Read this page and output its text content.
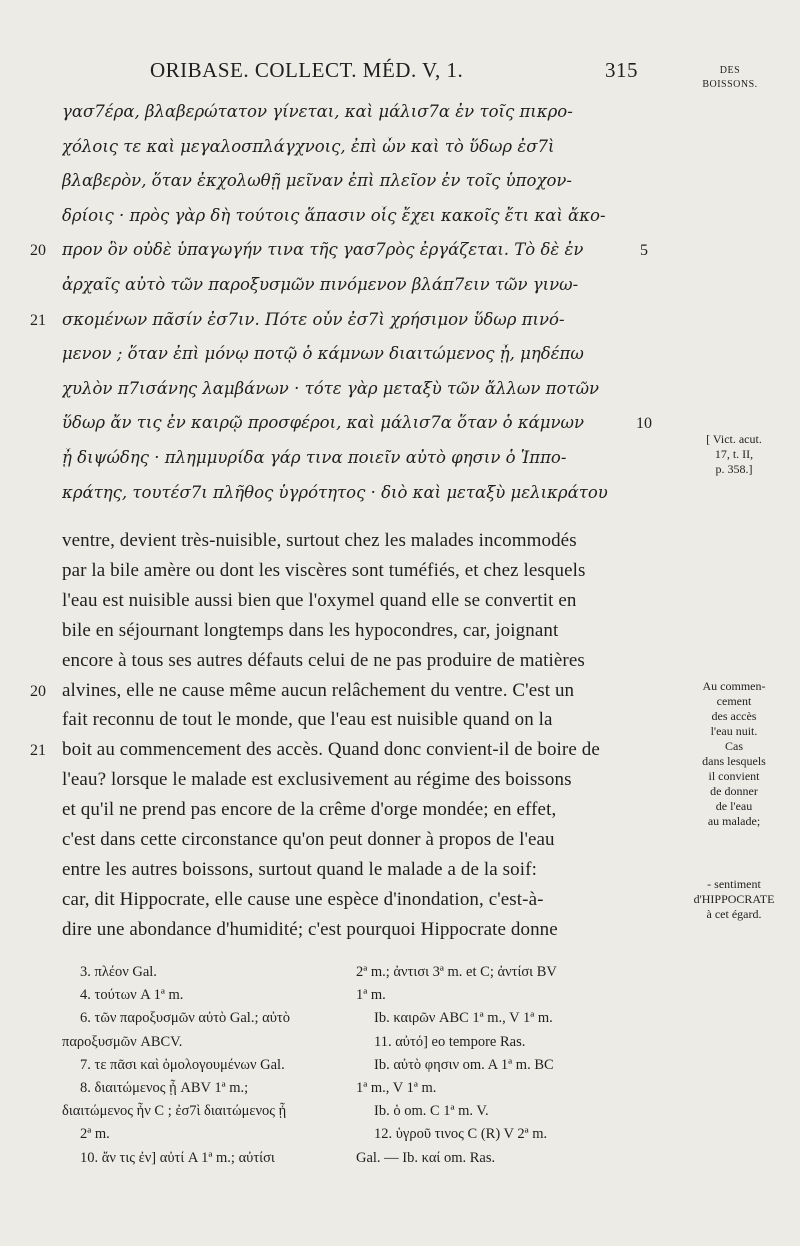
ORIBASE. COLLECT. MÉD. V, 1.	315	DES
BOISSONS.
γασ7έρα, βλαβερώτατον γίνεται, καὶ μάλισ7α ἐν τοῖς πικρο-
χόλοις τε καὶ μεγαλοσπλάγχνοις, ἐπὶ ὧν καὶ τὸ ὕδωρ ἐσ7ὶ
βλαβερὸν, ὅταν ἐκχολωθῇ μεῖναν ἐπὶ πλεῖον ἐν τοῖς ὑποχον-
δρίοις · πρὸς γὰρ δὴ τούτοις ἅπασιν οἷς ἔχει κακοῖς ἔτι καὶ ἄκο-
προν ὃν οὐδὲ ὑπαγωγήν τινα τῆς γασ7ρὸς ἐργάζεται. Τὸ δὲ ἐν
ἀρχαῖς αὐτὸ τῶν παροξυσμῶν πινόμενον βλάπ7ειν τῶν γινω-
σκομένων πᾶσίν ἐσ7ιν. Πότε οὖν ἐσ7ὶ χρήσιμον ὕδωρ πινό-
μενον ; ὅταν ἐπὶ μόνῳ ποτῷ ὁ κάμνων διαιτώμενος ᾖ, μηδέπω
χυλὸν π7ισάνης λαμβάνων · τότε γὰρ μεταξὺ τῶν ἄλλων ποτῶν
ὕδωρ ἄν τις ἐν καιρῷ προσφέροι, καὶ μάλισ7α ὅταν ὁ κάμνων
ᾖ διψώδης · πλημμυρίδα γάρ τινα ποιεῖν αὐτὸ φησιν ὁ Ἱππο-
κράτης, τουτέσ7ι πλῆθος ὑγρότητος · διὸ καὶ μεταξὺ μελικράτου
[ Vict. acut.
17, t. II,
p. 358.]
ventre, devient très-nuisible, surtout chez les malades incommodés
par la bile amère ou dont les viscères sont tuméfiés, et chez lesquels
l'eau est nuisible aussi bien que l'oxymel quand elle se convertit en
bile en séjournant longtemps dans les hypocondres, car, joignant
encore à tous ses autres défauts celui de ne pas produire de matières
alvines, elle ne cause même aucun relâchement du ventre. C'est un
fait reconnu de tout le monde, que l'eau est nuisible quand on la
boit au commencement des accès. Quand donc convient-il de boire de
l'eau? lorsque le malade est exclusivement au régime des boissons
et qu'il ne prend pas encore de la crême d'orge mondée; en effet,
c'est dans cette circonstance qu'on peut donner à propos de l'eau
entre les autres boissons, surtout quand le malade a de la soif:
car, dit Hippocrate, elle cause une espèce d'inondation, c'est-à-
dire une abondance d'humidité; c'est pourquoi Hippocrate donne
Au commen-
cement
des accès
l'eau nuit.
Cas
dans lesquels
il convient
de donner
de l'eau
au malade;
- sentiment
d'HIPPOCRATE
à cet égard.
3. πλέον Gal.
4. τούτων A 1ª m.
6. τῶν παροξυσμῶν αὐτὸ Gal.; αὐτὸ
παροξυσμῶν ABCV.
7. τε πᾶσι καὶ ὁμολογουμένων Gal.
8. διαιτώμενος ᾖ ABV 1ª m.;
διαιτώμενος ἦν C ; ἐσ7ὶ διαιτώμενος ᾖ
2ª m.
10. ἄν τις ἐν] αὐτί A 1ª m.; αὐτίσι
2ª m.; ἀντισι 3ª m. et C; ἀντίσι BV
1ª m.
Ib. καιρῶν ABC 1ª m., V 1ª m.
11. αὐτό] eo tempore Ras.
Ib. αὐτὸ φησιν om. A 1ª m. BC
1ª m., V 1ª m.
Ib. ὁ om. C 1ª m. V.
12. ὑγροῦ τινος C (R) V 2ª m.
Gal. — Ib. καί om. Ras.
20
21
5
10
20
21
